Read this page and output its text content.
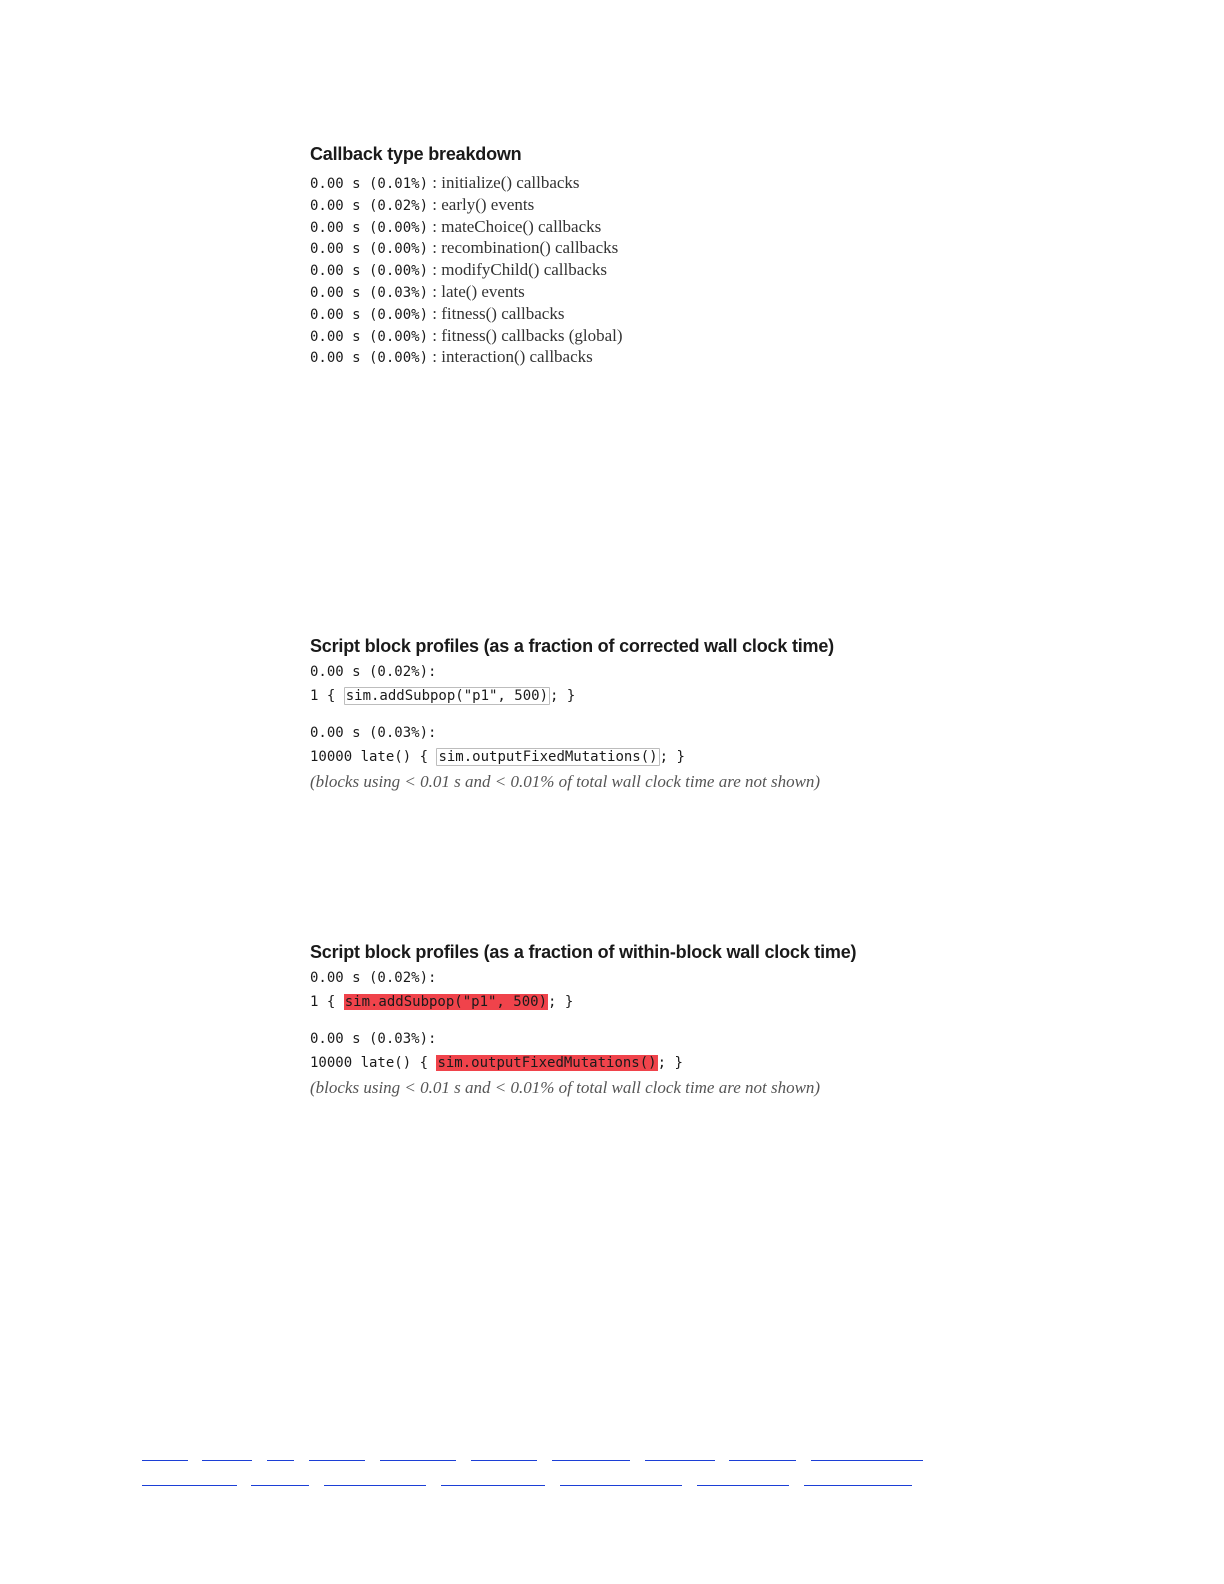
Callback type breakdown
0.00 s (0.01%) : initialize() callbacks
0.00 s (0.02%) : early() events
0.00 s (0.00%) : mateChoice() callbacks
0.00 s (0.00%) : recombination() callbacks
0.00 s (0.00%) : modifyChild() callbacks
0.00 s (0.03%) : late() events
0.00 s (0.00%) : fitness() callbacks
0.00 s (0.00%) : fitness() callbacks (global)
0.00 s (0.00%) : interaction() callbacks
Script block profiles (as a fraction of corrected wall clock time)
0.00 s (0.02%):
1 { sim.addSubpop("p1", 500) ; }
0.00 s (0.03%):
10000 late() { sim.outputFixedMutations() ; }
(blocks using < 0.01 s and < 0.01% of total wall clock time are not shown)
Script block profiles (as a fraction of within-block wall clock time)
0.00 s (0.02%):
1 { sim.addSubpop("p1", 500); }
0.00 s (0.03%):
10000 late() { sim.outputFixedMutations(); }
(blocks using < 0.01 s and < 0.01% of total wall clock time are not shown)
